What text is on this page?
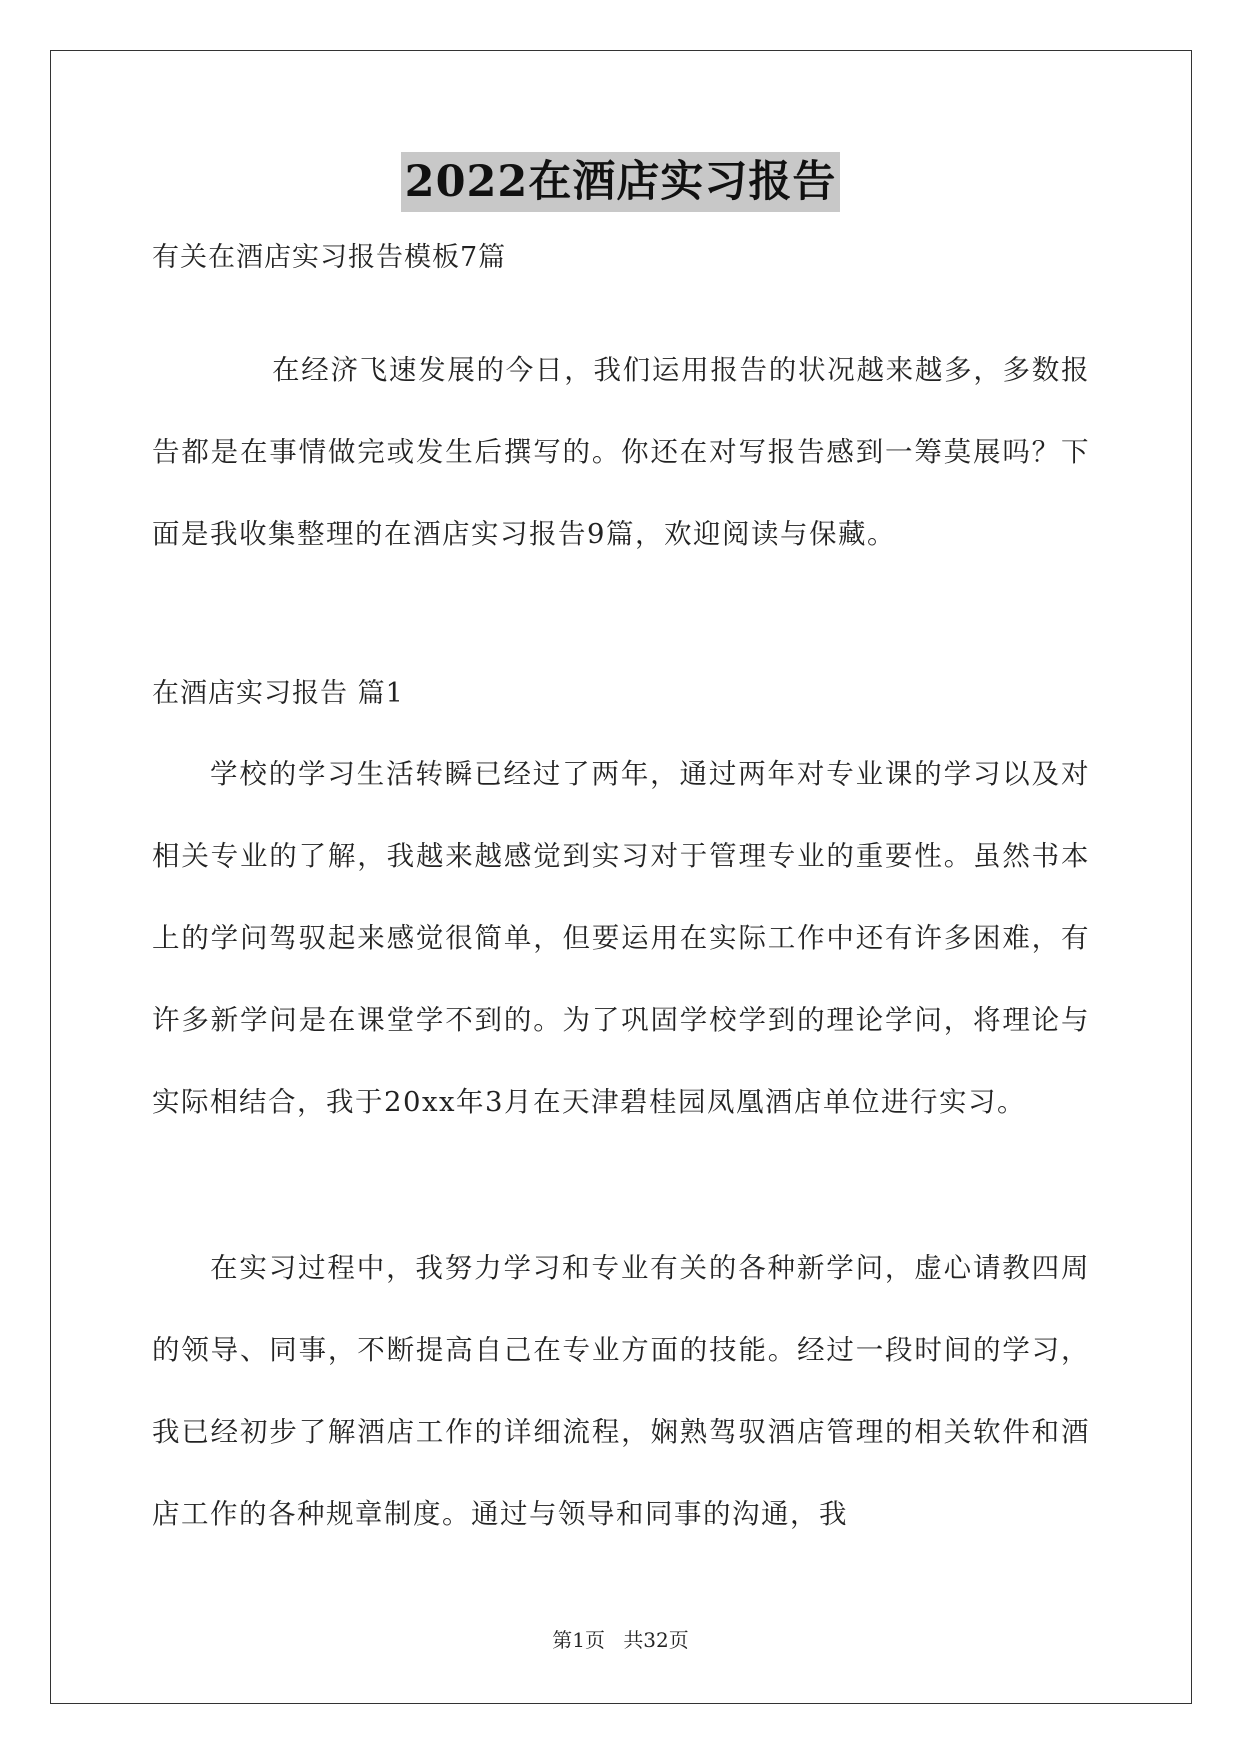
2022在酒店实习报告
有关在酒店实习报告模板7篇

在经济飞速发展的今日，我们运用报告的状况越来越多，多数报告都是在事情做完或发生后撰写的。你还在对写报告感到一筹莫展吗？下面是我收集整理的在酒店实习报告9篇，欢迎阅读与保藏。

在酒店实习报告 篇1

学校的学习生活转瞬已经过了两年，通过两年对专业课的学习以及对相关专业的了解，我越来越感觉到实习对于管理专业的重要性。虽然书本上的学问驾驭起来感觉很简单，但要运用在实际工作中还有许多困难，有许多新学问是在课堂学不到的。为了巩固学校学到的理论学问，将理论与实际相结合，我于20xx年3月在天津碧桂园凤凰酒店单位进行实习。

在实习过程中，我努力学习和专业有关的各种新学问，虚心请教四周的领导、同事，不断提高自己在专业方面的技能。经过一段时间的学习，我已经初步了解酒店工作的详细流程，娴熟驾驭酒店管理的相关软件和酒店工作的各种规章制度。通过与领导和同事的沟通，我

第1页 共32页
